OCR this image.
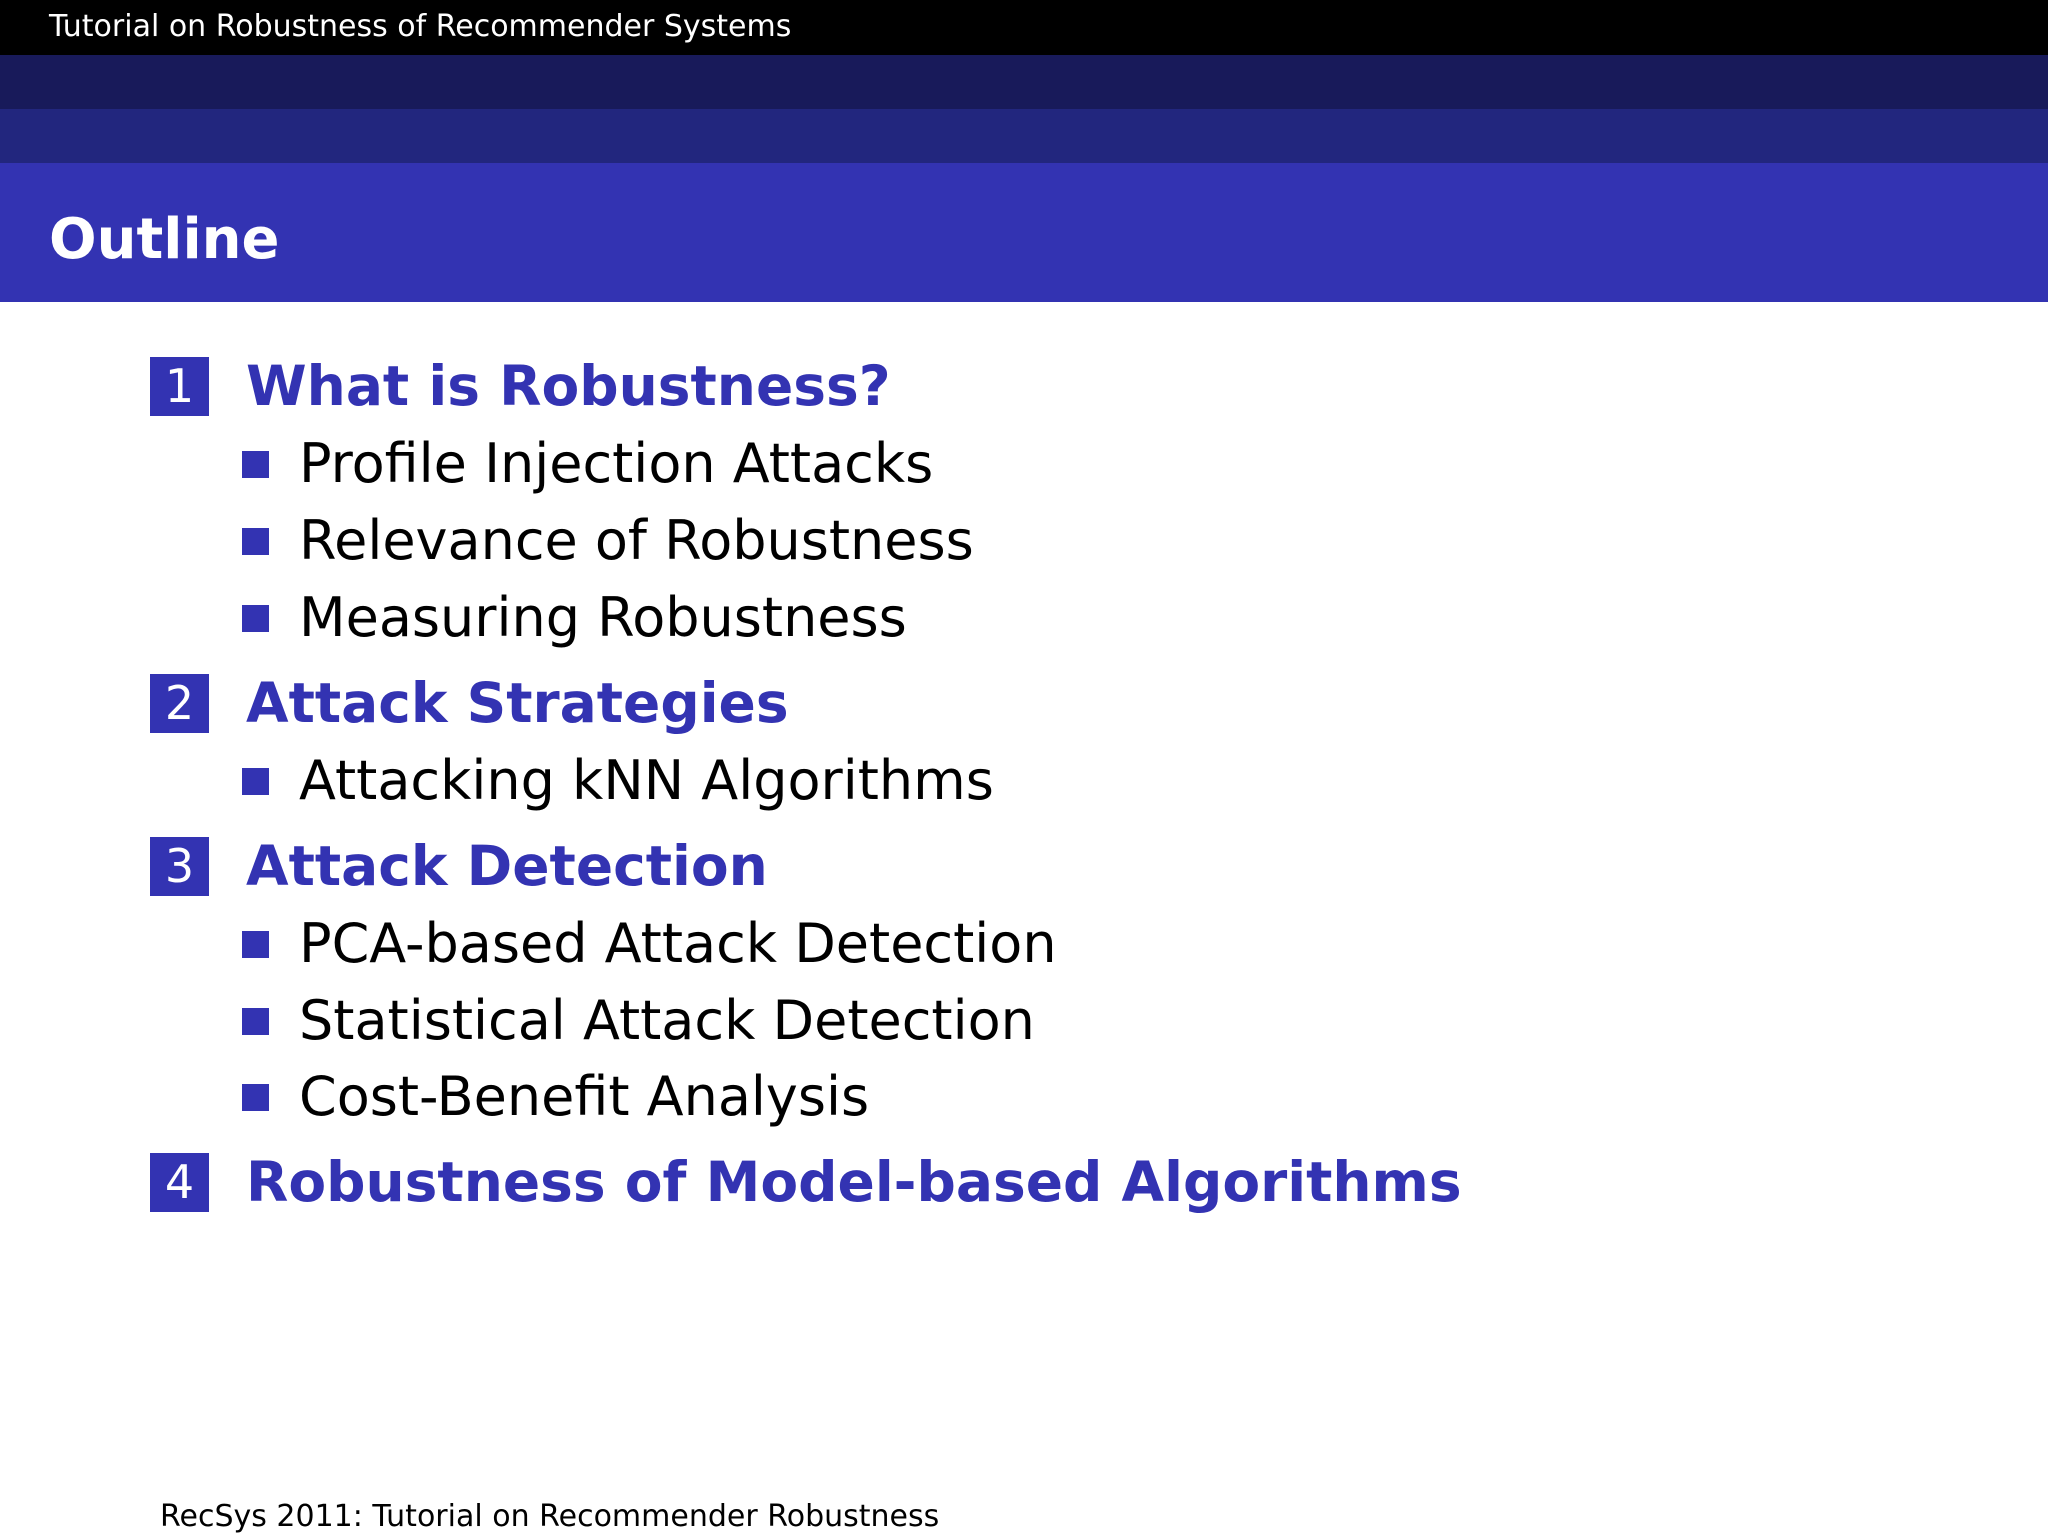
Tutorial on Robustness of Recommender Systems
Outline
1 What is Robustness?
Profile Injection Attacks
Relevance of Robustness
Measuring Robustness
2 Attack Strategies
Attacking kNN Algorithms
3 Attack Detection
PCA-based Attack Detection
Statistical Attack Detection
Cost-Benefit Analysis
4 Robustness of Model-based Algorithms
RecSys 2011: Tutorial on Recommender Robustness
